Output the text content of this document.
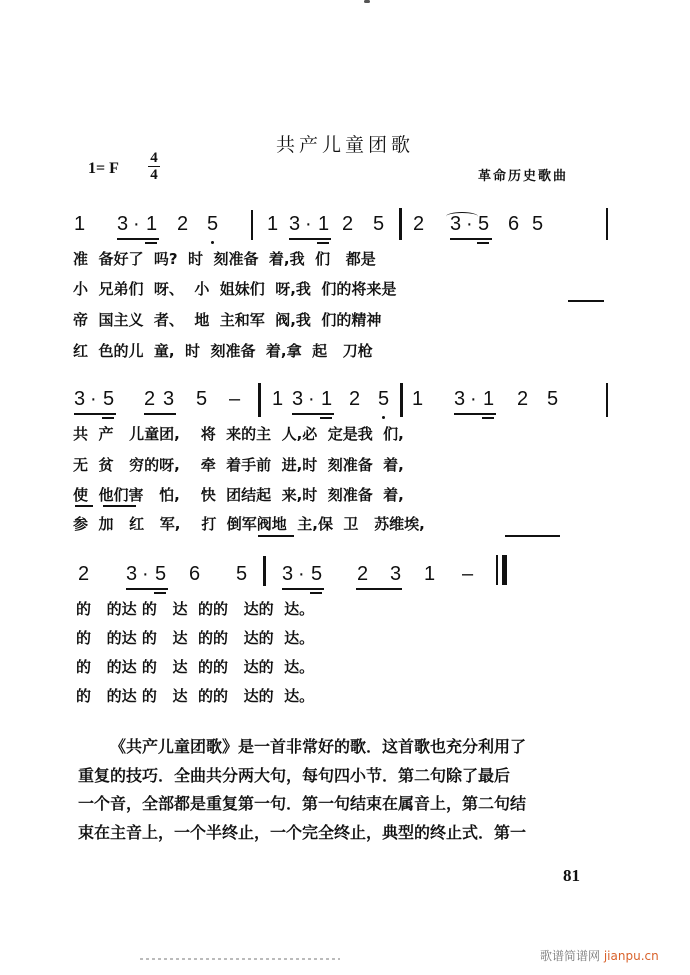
共产儿童团歌
1= F
4
4	革命历史歌曲
1 3 · 1 2 5 1 3 · 1 2 5 2 3 · 5 6 5
准  备好了  吗?  时  刻准备  着,我  们   都是
小  兄弟们  呀、  小  姐妹们  呀,我  们的将来是
帝  国主义  者、  地  主和军  阀,我  们的精神
红  色的儿  童,  时  刻准备  着,拿  起   刀枪
3 · 5 2 3 5 – 1 3 · 1 2 5 1 3 · 1 2 5
共  产   儿童团,    将  来的主  人,必  定是我  们,
无  贫   穷的呀,    牵  着手前  进,时  刻准备  着,
使  他们害   怕,    快  团结起  来,时  刻准备  着,
参  加   红   军,    打  倒军阀地  主,保  卫   苏维埃,
2 3 · 5 6 5 3 · 5 2 3 1 –
的   的达 的   达  的的   达的  达。
的   的达 的   达  的的   达的  达。
的   的达 的   达  的的   达的  达。
的   的达 的   达  的的   达的  达。

《共产儿童团歌》是一首非常好的歌．这首歌也充分利用了

重复的技巧．全曲共分两大句，每句四小节．第二句除了最后

一个音，全部都是重复第一句．第一句结束在属音上，第二句结

束在主音上，一个半终止，一个完全终止，典型的终止式．第一

81
歌谱简谱网 jianpu.cn
